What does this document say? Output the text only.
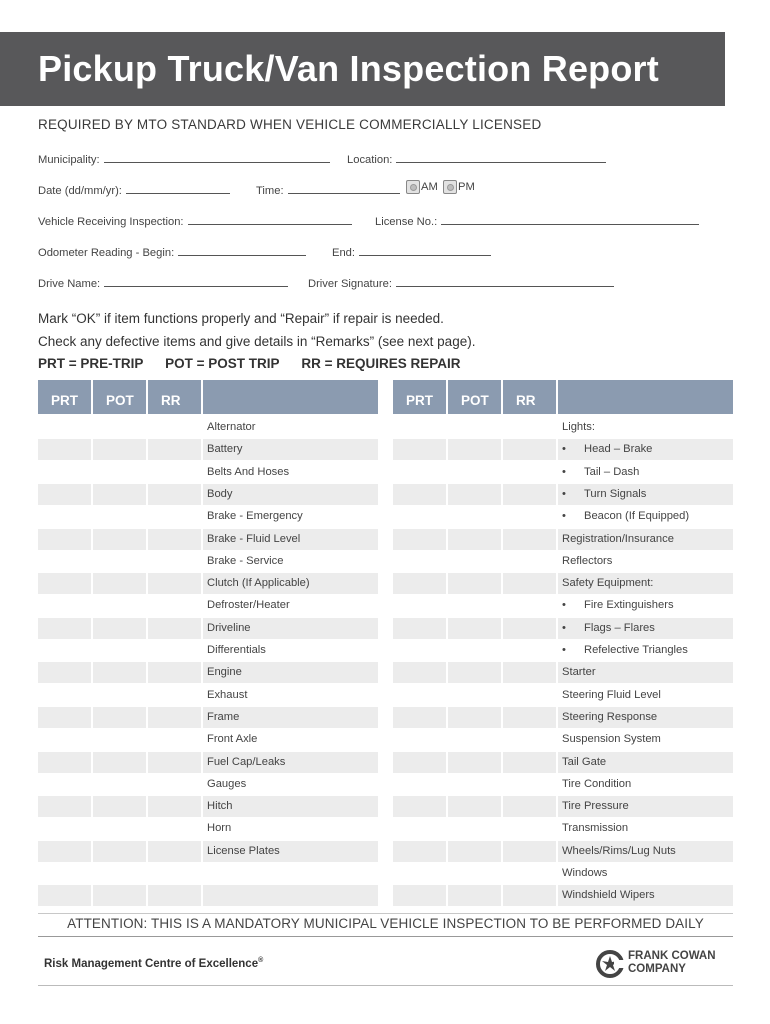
Pickup Truck/Van Inspection Report
REQUIRED BY MTO STANDARD WHEN VEHICLE COMMERCIALLY LICENSED
Municipality:	Location:
Date (dd/mm/yr):	Time:	AM	PM
Vehicle Receiving Inspection:	License No.:
Odometer Reading - Begin:	End:
Drive Name:	Driver Signature:
Mark “OK” if item functions properly and “Repair” if repair is needed.
Check any defective items and give details in “Remarks” (see next page).
PRT = PRE-TRIP POT = POST TRIP RR = REQUIRES REPAIR
PRT	POT	RR
Alternator
Battery
Belts And Hoses
Body
Brake - Emergency
Brake - Fluid Level
Brake - Service
Clutch (If Applicable)
Defroster/Heater
Driveline
Differentials
Engine
Exhaust
Frame
Front Axle
Fuel Cap/Leaks
Gauges
Hitch
Horn
License Plates
PRT	POT	RR
Lights:
• Head – Brake
• Tail – Dash
• Turn Signals
• Beacon (If Equipped)
Registration/Insurance
Reflectors
Safety Equipment:
• Fire Extinguishers
• Flags – Flares
• Refelective Triangles
Starter
Steering Fluid Level
Steering Response
Suspension System
Tail Gate
Tire Condition
Tire Pressure
Transmission
Wheels/Rims/Lug Nuts
Windows
Windshield Wipers
ATTENTION: THIS IS A MANDATORY MUNICIPAL VEHICLE INSPECTION TO BE PERFORMED DAILY
Risk Management Centre of Excellence®	FRANK COWAN
COMPANY
